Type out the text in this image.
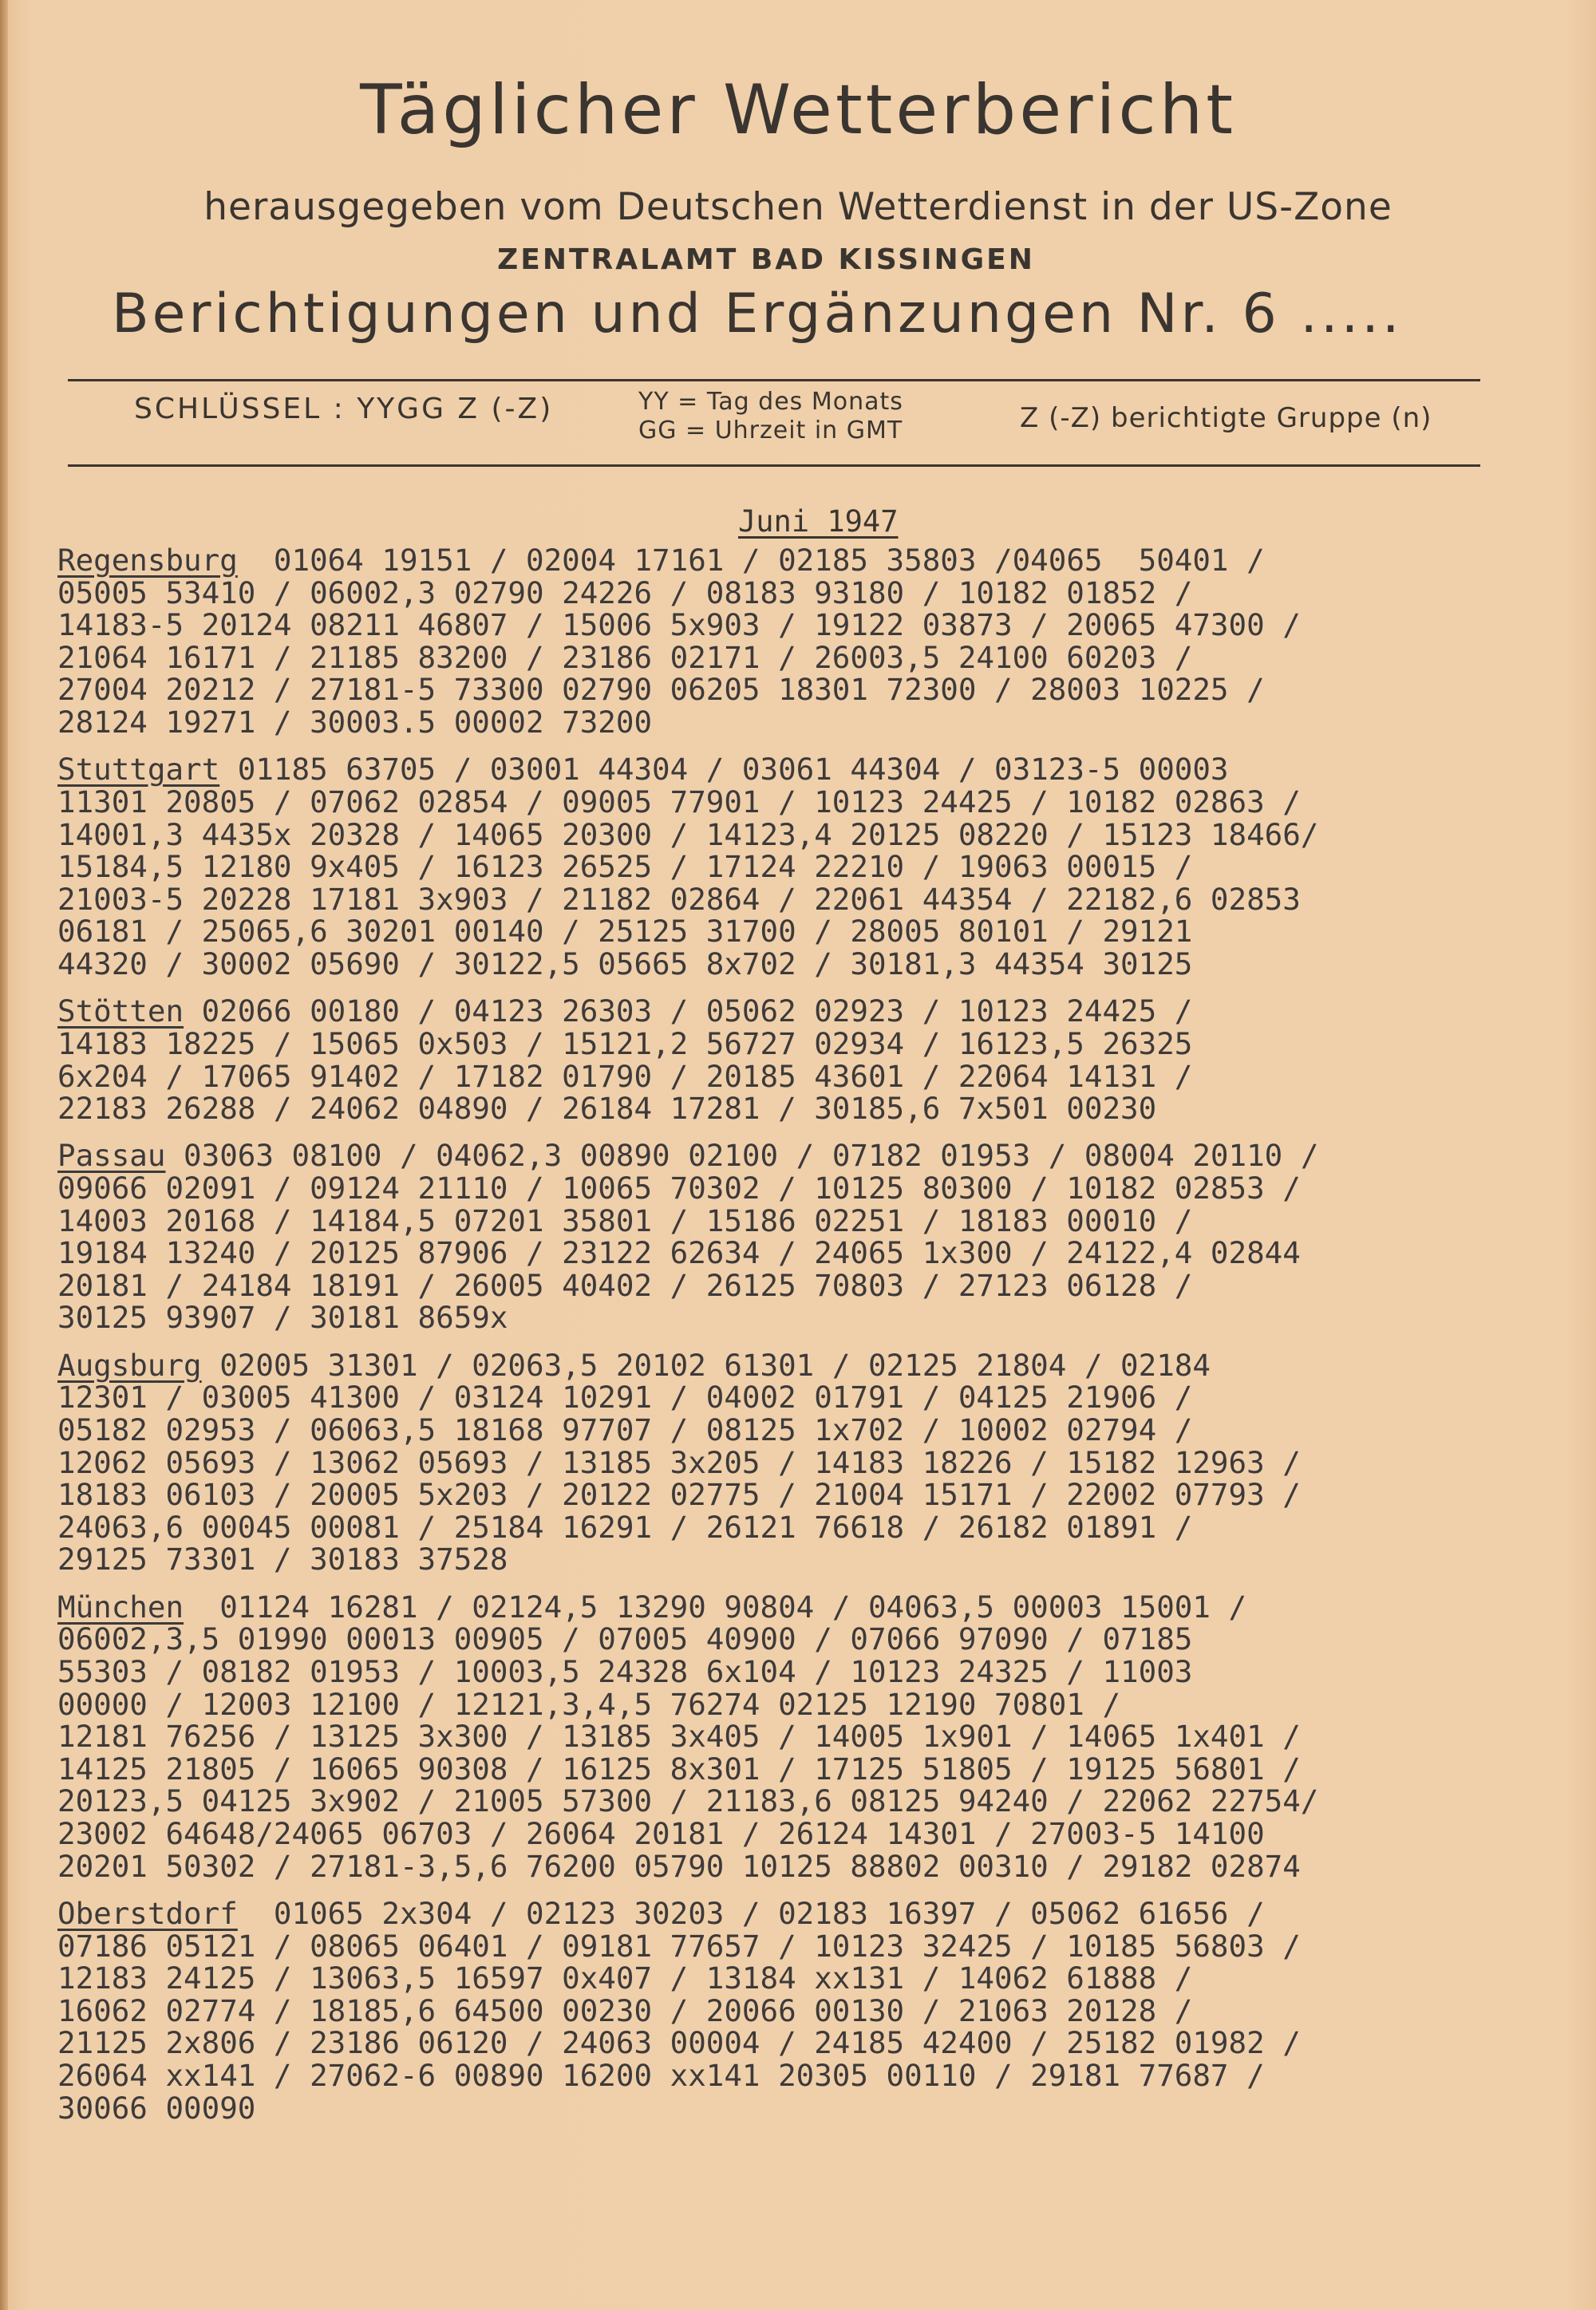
Täglicher Wetterbericht
herausgegeben vom Deutschen Wetterdienst in der US-Zone
ZENTRALAMT BAD KISSINGEN
Berichtigungen und Ergänzungen Nr. 6 .....
SCHLÜSSEL : YYGG Z (-Z)	YY = Tag des Monats
GG = Uhrzeit in GMT	Z (-Z) berichtigte Gruppe (n)
Juni 1947
Regensburg  01064 19151 / 02004 17161 / 02185 35803 /04065  50401 /
05005 53410 / 06002,3 02790 24226 / 08183 93180 / 10182 01852 /
14183-5 20124 08211 46807 / 15006 5x903 / 19122 03873 / 20065 47300 /
21064 16171 / 21185 83200 / 23186 02171 / 26003,5 24100 60203 /
27004 20212 / 27181-5 73300 02790 06205 18301 72300 / 28003 10225 /
28124 19271 / 30003.5 00002 73200
Stuttgart 01185 63705 / 03001 44304 / 03061 44304 / 03123-5 00003
11301 20805 / 07062 02854 / 09005 77901 / 10123 24425 / 10182 02863 /
14001,3 4435x 20328 / 14065 20300 / 14123,4 20125 08220 / 15123 18466/
15184,5 12180 9x405 / 16123 26525 / 17124 22210 / 19063 00015 /
21003-5 20228 17181 3x903 / 21182 02864 / 22061 44354 / 22182,6 02853
06181 / 25065,6 30201 00140 / 25125 31700 / 28005 80101 / 29121
44320 / 30002 05690 / 30122,5 05665 8x702 / 30181,3 44354 30125
Stötten 02066 00180 / 04123 26303 / 05062 02923 / 10123 24425 /
14183 18225 / 15065 0x503 / 15121,2 56727 02934 / 16123,5 26325
6x204 / 17065 91402 / 17182 01790 / 20185 43601 / 22064 14131 /
22183 26288 / 24062 04890 / 26184 17281 / 30185,6 7x501 00230
Passau 03063 08100 / 04062,3 00890 02100 / 07182 01953 / 08004 20110 /
09066 02091 / 09124 21110 / 10065 70302 / 10125 80300 / 10182 02853 /
14003 20168 / 14184,5 07201 35801 / 15186 02251 / 18183 00010 /
19184 13240 / 20125 87906 / 23122 62634 / 24065 1x300 / 24122,4 02844
20181 / 24184 18191 / 26005 40402 / 26125 70803 / 27123 06128 /
30125 93907 / 30181 8659x
Augsburg 02005 31301 / 02063,5 20102 61301 / 02125 21804 / 02184
12301 / 03005 41300 / 03124 10291 / 04002 01791 / 04125 21906 /
05182 02953 / 06063,5 18168 97707 / 08125 1x702 / 10002 02794 /
12062 05693 / 13062 05693 / 13185 3x205 / 14183 18226 / 15182 12963 /
18183 06103 / 20005 5x203 / 20122 02775 / 21004 15171 / 22002 07793 /
24063,6 00045 00081 / 25184 16291 / 26121 76618 / 26182 01891 /
29125 73301 / 30183 37528
München  01124 16281 / 02124,5 13290 90804 / 04063,5 00003 15001 /
06002,3,5 01990 00013 00905 / 07005 40900 / 07066 97090 / 07185
55303 / 08182 01953 / 10003,5 24328 6x104 / 10123 24325 / 11003
00000 / 12003 12100 / 12121,3,4,5 76274 02125 12190 70801 /
12181 76256 / 13125 3x300 / 13185 3x405 / 14005 1x901 / 14065 1x401 /
14125 21805 / 16065 90308 / 16125 8x301 / 17125 51805 / 19125 56801 /
20123,5 04125 3x902 / 21005 57300 / 21183,6 08125 94240 / 22062 22754/
23002 64648/24065 06703 / 26064 20181 / 26124 14301 / 27003-5 14100
20201 50302 / 27181-3,5,6 76200 05790 10125 88802 00310 / 29182 02874
Oberstdorf  01065 2x304 / 02123 30203 / 02183 16397 / 05062 61656 /
07186 05121 / 08065 06401 / 09181 77657 / 10123 32425 / 10185 56803 /
12183 24125 / 13063,5 16597 0x407 / 13184 xx131 / 14062 61888 /
16062 02774 / 18185,6 64500 00230 / 20066 00130 / 21063 20128 /
21125 2x806 / 23186 06120 / 24063 00004 / 24185 42400 / 25182 01982 /
26064 xx141 / 27062-6 00890 16200 xx141 20305 00110 / 29181 77687 /
30066 00090
